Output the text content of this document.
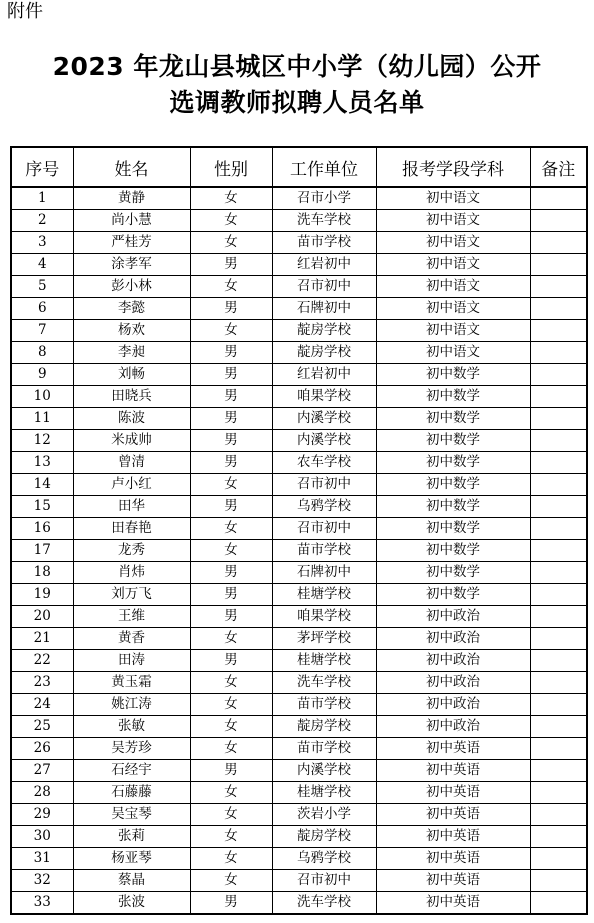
附件
2023 年龙山县城区中小学（幼儿园）公开
选调教师拟聘人员名单
序号	姓名	性别	工作单位	报考学段学科	备注
1	黄静	女	召市小学	初中语文	
2	尚小慧	女	洗车学校	初中语文	
3	严桂芳	女	苗市学校	初中语文	
4	涂孝军	男	红岩初中	初中语文	
5	彭小林	女	召市初中	初中语文	
6	李懿	男	石牌初中	初中语文	
7	杨欢	女	靛房学校	初中语文	
8	李昶	男	靛房学校	初中语文	
9	刘畅	男	红岩初中	初中数学	
10	田晓兵	男	咱果学校	初中数学	
11	陈波	男	内溪学校	初中数学	
12	米成帅	男	内溪学校	初中数学	
13	曾清	男	农车学校	初中数学	
14	卢小红	女	召市初中	初中数学	
15	田华	男	乌鸦学校	初中数学	
16	田春艳	女	召市初中	初中数学	
17	龙秀	女	苗市学校	初中数学	
18	肖炜	男	石牌初中	初中数学	
19	刘万飞	男	桂塘学校	初中数学	
20	王维	男	咱果学校	初中政治	
21	黄香	女	茅坪学校	初中政治	
22	田涛	男	桂塘学校	初中政治	
23	黄玉霜	女	洗车学校	初中政治	
24	姚江涛	女	苗市学校	初中政治	
25	张敏	女	靛房学校	初中政治	
26	吴芳珍	女	苗市学校	初中英语	
27	石经宇	男	内溪学校	初中英语	
28	石藤藤	女	桂塘学校	初中英语	
29	吴宝琴	女	茨岩小学	初中英语	
30	张莉	女	靛房学校	初中英语	
31	杨亚琴	女	乌鸦学校	初中英语	
32	蔡晶	女	召市初中	初中英语	
33	张波	男	洗车学校	初中英语	
